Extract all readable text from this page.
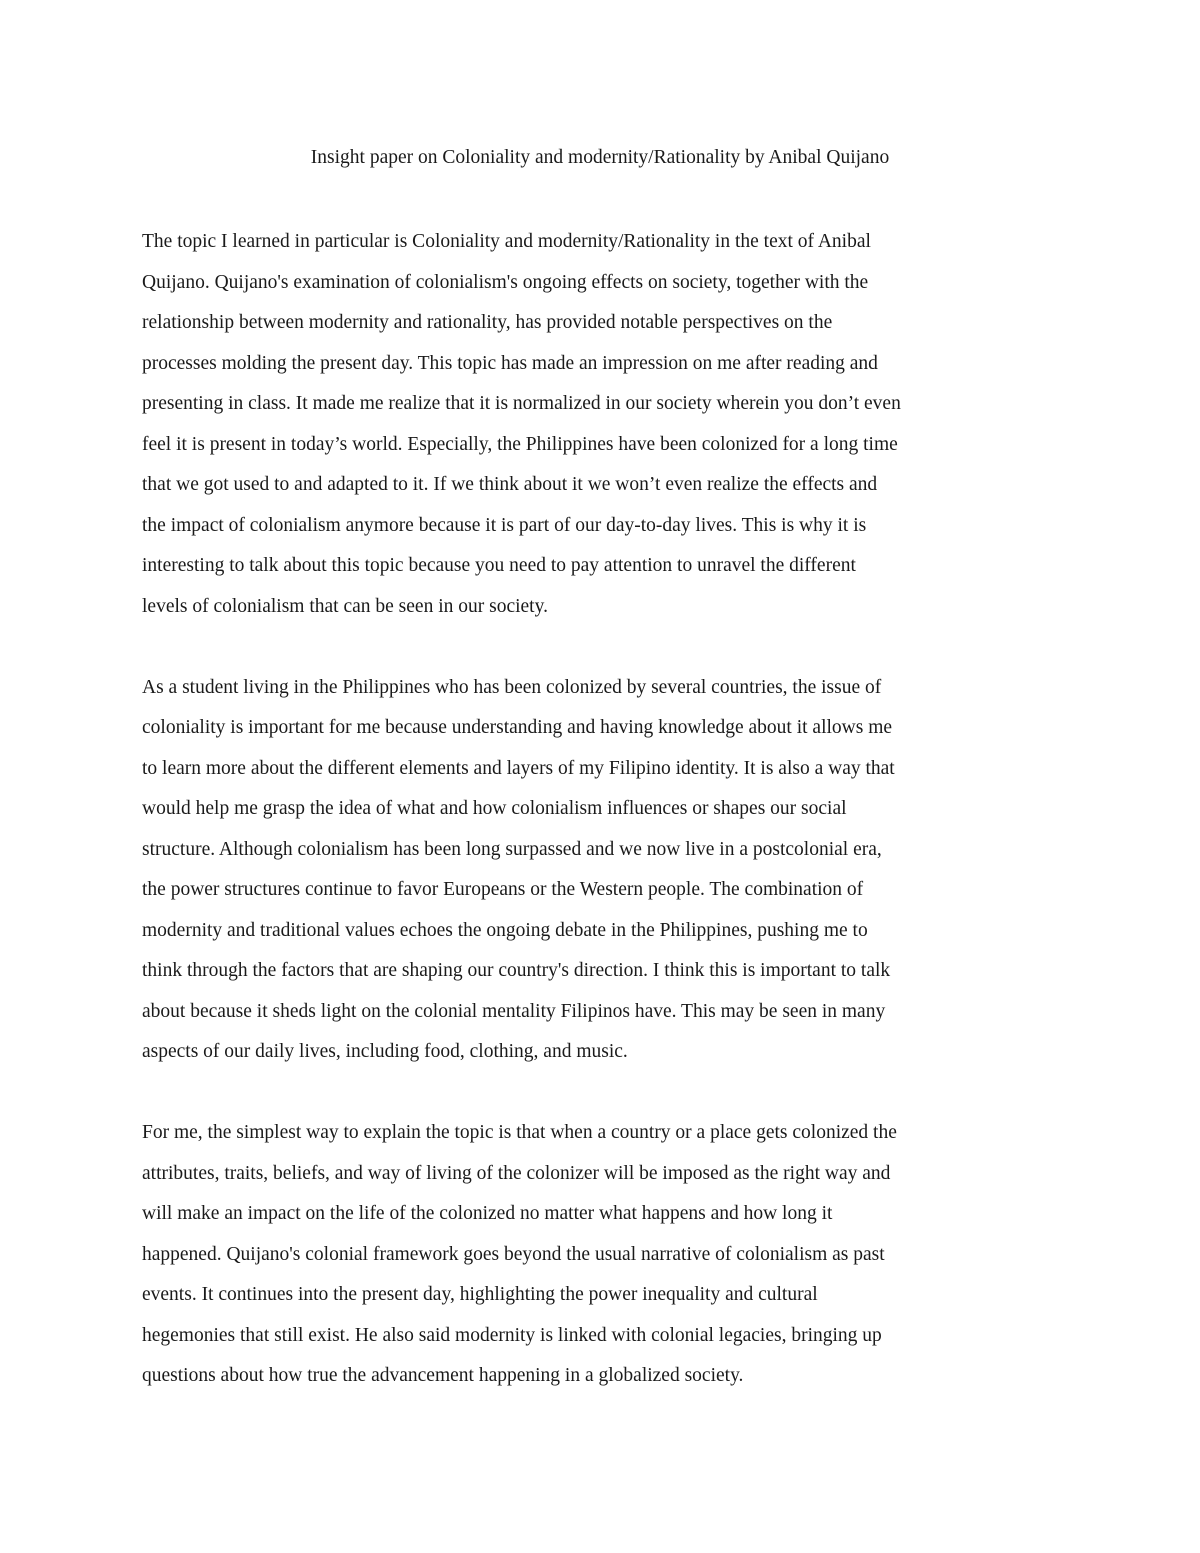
Insight paper on Coloniality and modernity/Rationality by Anibal Quijano

The topic I learned in particular is Coloniality and modernity/Rationality in the text of Anibal
Quijano. Quijano's examination of colonialism's ongoing effects on society, together with the
relationship between modernity and rationality, has provided notable perspectives on the
processes molding the present day. This topic has made an impression on me after reading and
presenting in class. It made me realize that it is normalized in our society wherein you don’t even
feel it is present in today’s world. Especially, the Philippines have been colonized for a long time
that we got used to and adapted to it. If we think about it we won’t even realize the effects and
the impact of colonialism anymore because it is part of our day-to-day lives. This is why it is
interesting to talk about this topic because you need to pay attention to unravel the different
levels of colonialism that can be seen in our society.

As a student living in the Philippines who has been colonized by several countries, the issue of
coloniality is important for me because understanding and having knowledge about it allows me
to learn more about the different elements and layers of my Filipino identity. It is also a way that
would help me grasp the idea of what and how colonialism influences or shapes our social
structure. Although colonialism has been long surpassed and we now live in a postcolonial era,
the power structures continue to favor Europeans or the Western people. The combination of
modernity and traditional values echoes the ongoing debate in the Philippines, pushing me to
think through the factors that are shaping our country's direction. I think this is important to talk
about because it sheds light on the colonial mentality Filipinos have. This may be seen in many
aspects of our daily lives, including food, clothing, and music.

For me, the simplest way to explain the topic is that when a country or a place gets colonized the
attributes, traits, beliefs, and way of living of the colonizer will be imposed as the right way and
will make an impact on the life of the colonized no matter what happens and how long it
happened. Quijano's colonial framework goes beyond the usual narrative of colonialism as past
events. It continues into the present day, highlighting the power inequality and cultural
hegemonies that still exist. He also said modernity is linked with colonial legacies, bringing up
questions about how true the advancement happening in a globalized society.
